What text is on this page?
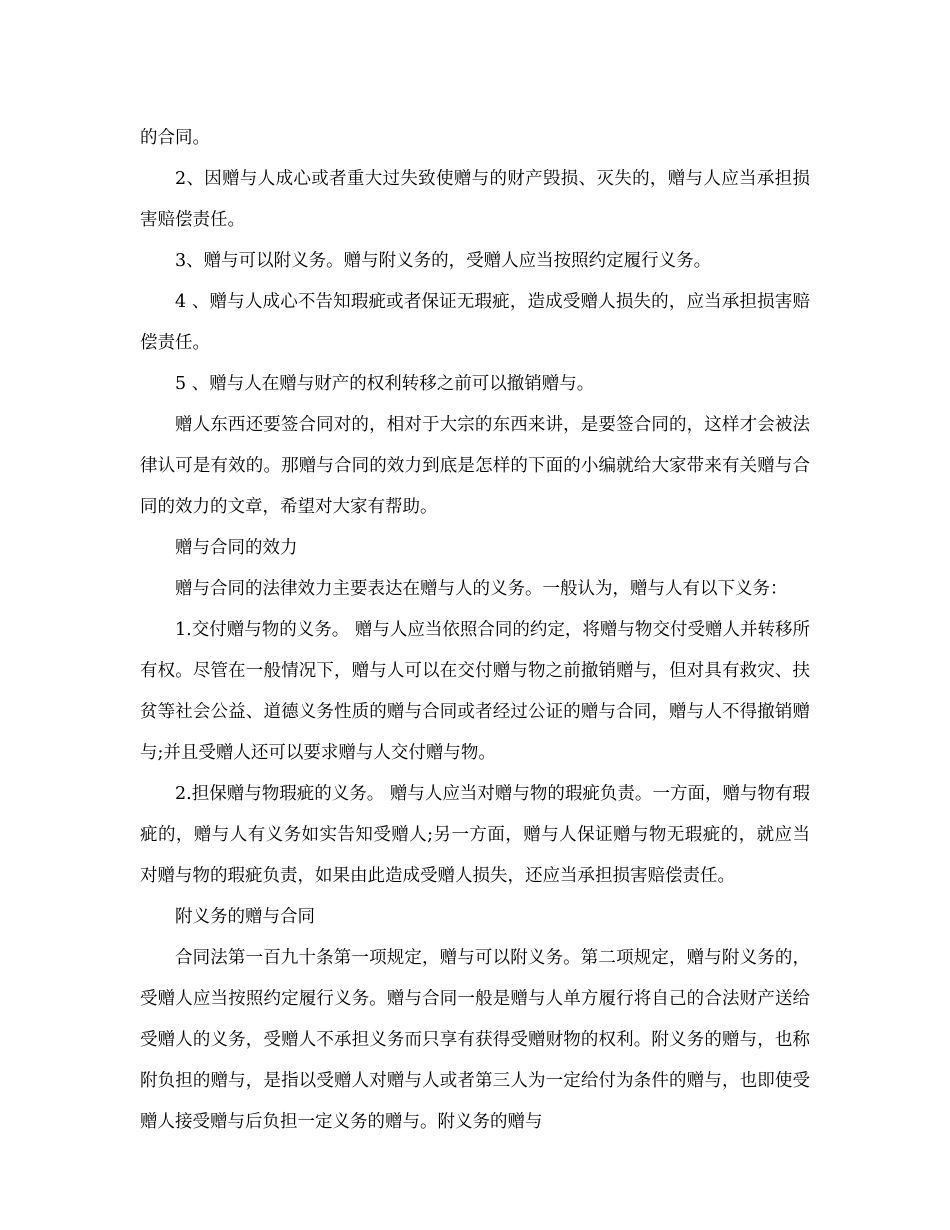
的合同。

2、因赠与人成心或者重大过失致使赠与的财产毁损、灭失的，赠与人应当承担损害赔偿责任。

3、赠与可以附义务。赠与附义务的，受赠人应当按照约定履行义务。

4 、赠与人成心不告知瑕疵或者保证无瑕疵，造成受赠人损失的，应当承担损害赔偿责任。

5 、赠与人在赠与财产的权利转移之前可以撤销赠与。

赠人东西还要签合同对的，相对于大宗的东西来讲，是要签合同的，这样才会被法律认可是有效的。那赠与合同的效力到底是怎样的下面的小编就给大家带来有关赠与合同的效力的文章，希望对大家有帮助。

赠与合同的效力

赠与合同的法律效力主要表达在赠与人的义务。一般认为，赠与人有以下义务：

1.交付赠与物的义务。 赠与人应当依照合同的约定，将赠与物交付受赠人并转移所有权。尽管在一般情况下，赠与人可以在交付赠与物之前撤销赠与，但对具有救灾、扶贫等社会公益、道德义务性质的赠与合同或者经过公证的赠与合同，赠与人不得撤销赠与;并且受赠人还可以要求赠与人交付赠与物。

2.担保赠与物瑕疵的义务。 赠与人应当对赠与物的瑕疵负责。一方面，赠与物有瑕疵的，赠与人有义务如实告知受赠人;另一方面，赠与人保证赠与物无瑕疵的，就应当对赠与物的瑕疵负责，如果由此造成受赠人损失，还应当承担损害赔偿责任。

附义务的赠与合同

合同法第一百九十条第一项规定，赠与可以附义务。第二项规定，赠与附义务的，受赠人应当按照约定履行义务。赠与合同一般是赠与人单方履行将自己的合法财产送给受赠人的义务，受赠人不承担义务而只享有获得受赠财物的权利。附义务的赠与，也称附负担的赠与，是指以受赠人对赠与人或者第三人为一定给付为条件的赠与，也即使受赠人接受赠与后负担一定义务的赠与。附义务的赠与
